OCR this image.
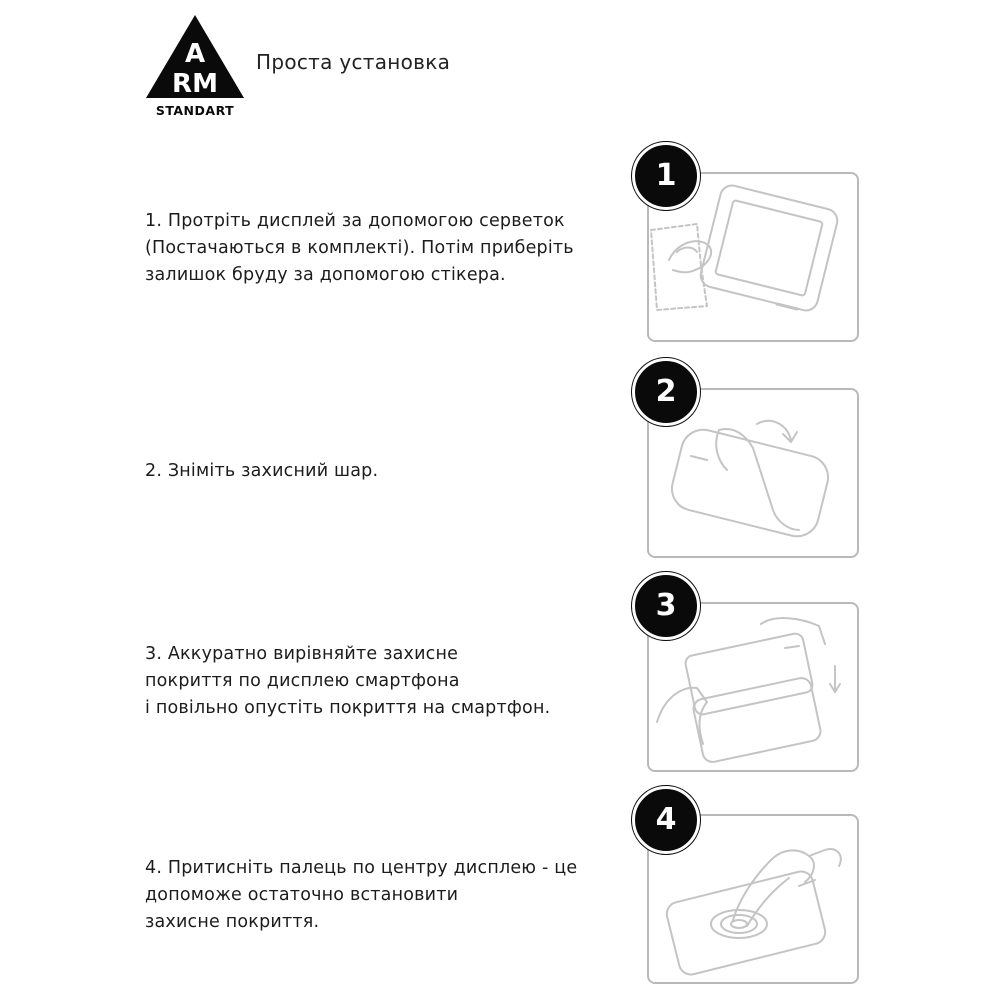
A
RM
STANDART
Проста установка
1. Протріть дисплей за допомогою серветок
(Постачаються в комплекті). Потім приберіть
залишок бруду за допомогою стікера.
1
2. Зніміть захисний шар.
2
3. Аккуратно вирівняйте захисне
покриття по дисплею смартфона
і повільно опустіть покриття на смартфон.
3
4. Притисніть палець по центру дисплею - це
допоможе остаточно встановити
захисне покриття.
4
